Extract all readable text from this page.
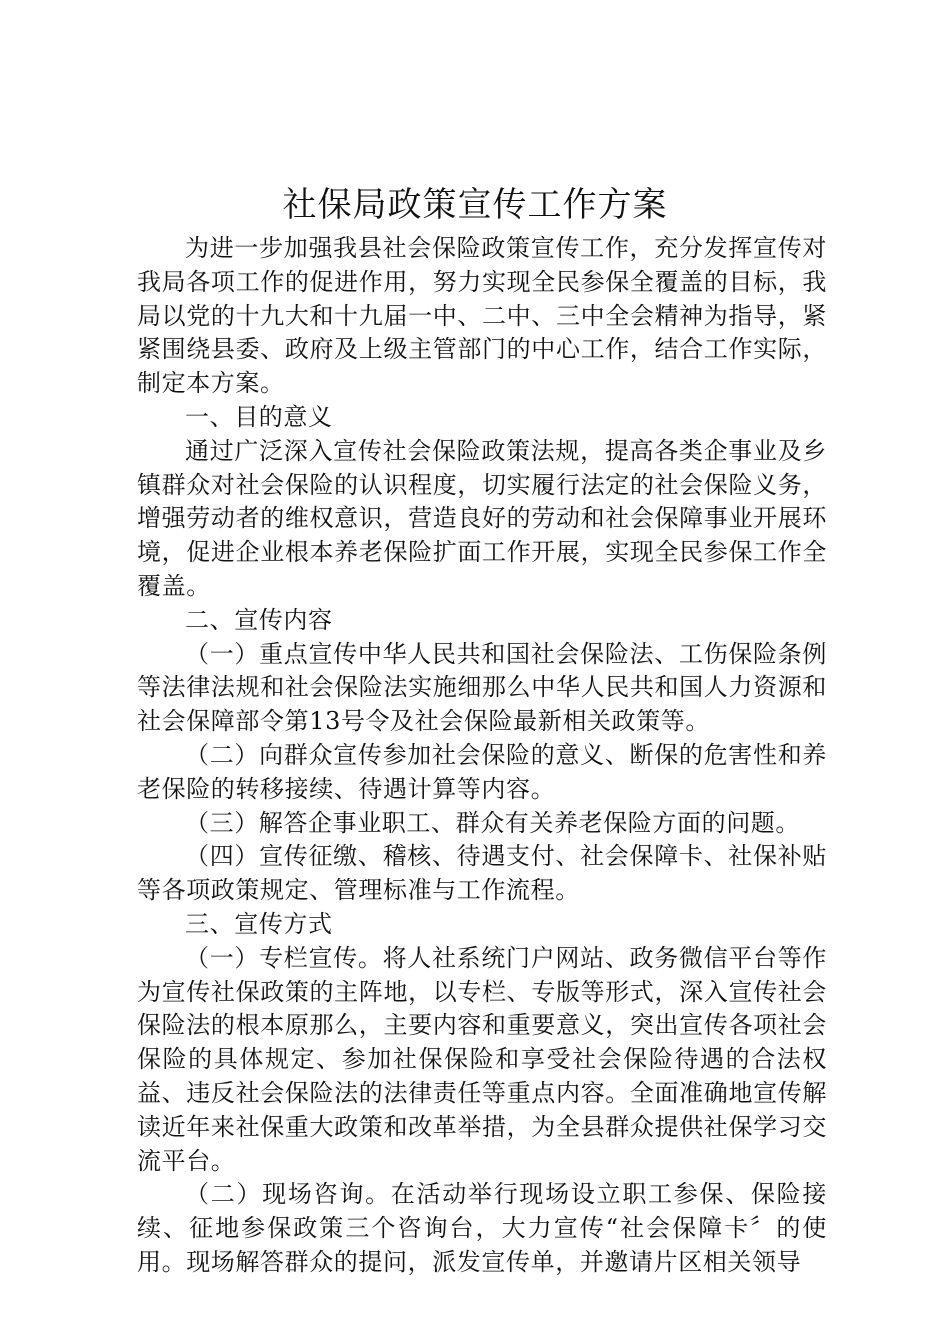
社保局政策宣传工作方案

为进一步加强我县社会保险政策宣传工作，充分发挥宣传对我局各项工作的促进作用，努力实现全民参保全覆盖的目标，我局以党的十九大和十九届一中、二中、三中全会精神为指导，紧紧围绕县委、政府及上级主管部门的中心工作，结合工作实际，制定本方案。

一、目的意义

通过广泛深入宣传社会保险政策法规，提高各类企事业及乡镇群众对社会保险的认识程度，切实履行法定的社会保险义务，增强劳动者的维权意识，营造良好的劳动和社会保障事业开展环境，促进企业根本养老保险扩面工作开展，实现全民参保工作全覆盖。

二、宣传内容

（一）重点宣传中华人民共和国社会保险法、工伤保险条例等法律法规和社会保险法实施细那么中华人民共和国人力资源和社会保障部令第13号令及社会保险最新相关政策等。

（二）向群众宣传参加社会保险的意义、断保的危害性和养老保险的转移接续、待遇计算等内容。

（三）解答企事业职工、群众有关养老保险方面的问题。

（四）宣传征缴、稽核、待遇支付、社会保障卡、社保补贴等各项政策规定、管理标准与工作流程。

三、宣传方式

（一）专栏宣传。将人社系统门户网站、政务微信平台等作为宣传社保政策的主阵地，以专栏、专版等形式，深入宣传社会保险法的根本原那么，主要内容和重要意义，突出宣传各项社会保险的具体规定、参加社保保险和享受社会保险待遇的合法权益、违反社会保险法的法律责任等重点内容。全面准确地宣传解读近年来社保重大政策和改革举措，为全县群众提供社保学习交流平台。

（二）现场咨询。在活动举行现场设立职工参保、保险接续、征地参保政策三个咨询台，大力宣传“社会保障卡〞的使用。现场解答群众的提问，派发宣传单，并邀请片区相关领导
